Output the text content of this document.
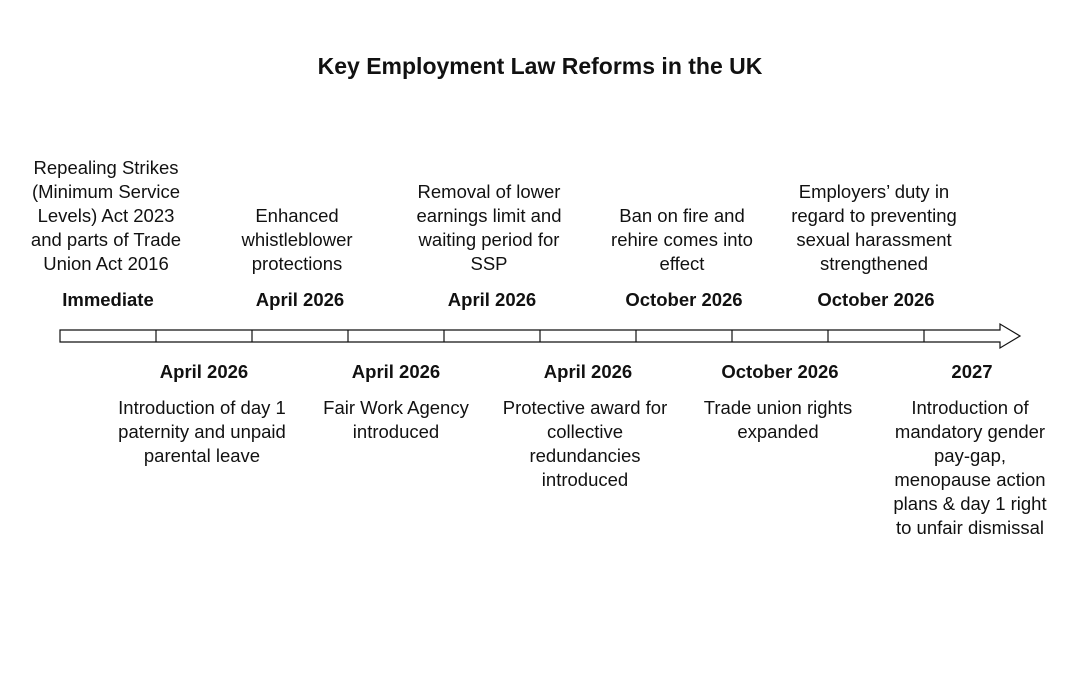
Key Employment Law Reforms in the UK
Repealing Strikes (Minimum Service Levels) Act 2023 and parts of Trade Union Act 2016
Immediate
Enhanced whistleblower protections
April 2026
Removal of lower earnings limit and waiting period for SSP
April 2026
Ban on fire and rehire comes into effect
October 2026
Employers’ duty in regard to preventing sexual harassment strengthened
October 2026
April 2026
Introduction of day 1 paternity and unpaid parental leave
April 2026
Fair Work Agency introduced
April 2026
Protective award for collective redundancies introduced
October 2026
Trade union rights expanded
2027
Introduction of mandatory gender pay-gap, menopause action plans & day 1 right to unfair dismissal
